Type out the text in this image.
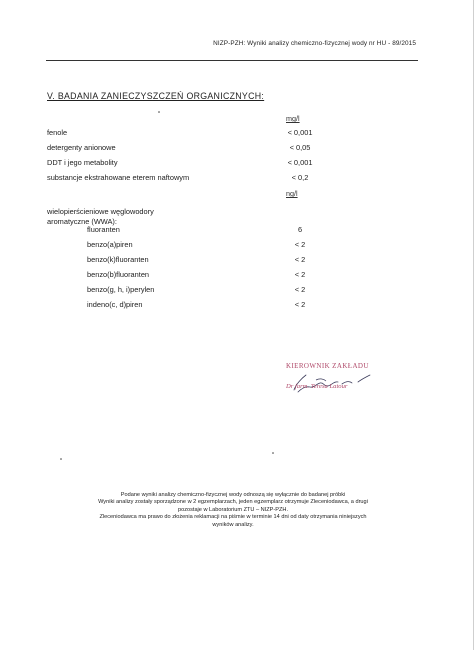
NIZP-PZH: Wyniki analizy chemiczno-fizycznej wody nr HU - 89/2015
V. BADANIA ZANIECZYSZCZEŃ ORGANICZNYCH:
mg/l
fenole	< 0,001
detergenty anionowe	< 0,05
DDT i jego metabolity	< 0,001
substancje ekstrahowane eterem naftowym	< 0,2
ng/l
wielopierścieniowe węglowodory
aromatyczne (WWA):
fluoranten	6
benzo(a)piren	< 2
benzo(k)fluoranten	< 2
benzo(b)fluoranten	< 2
benzo(g, h, i)perylen	< 2
indeno(c, d)piren	< 2
KIEROWNIK ZAKŁADU
Dr farm. Teresa Latour
Podane wyniki analizy chemiczno-fizycznej wody odnoszą się wyłącznie do badanej próbki
Wyniki analizy zostały sporządzone w 2 egzemplarzach, jeden egzemplarz otrzymuje Zleceniodawca, a drugi
pozostaje w Laboratorium ZTU – NIZP-PZH.
Zleceniodawca ma prawo do złożenia reklamacji na piśmie w terminie 14 dni od daty otrzymania niniejszych
wyników analizy.
